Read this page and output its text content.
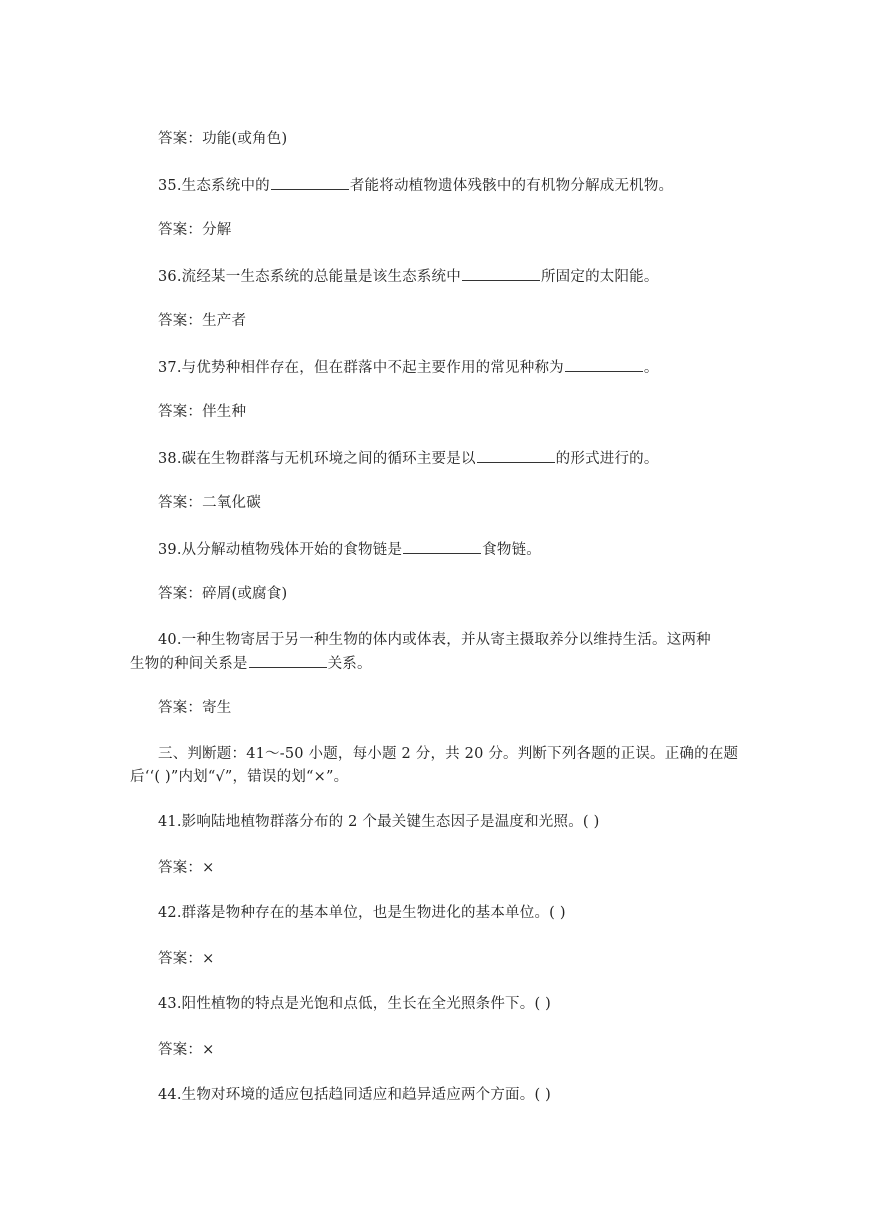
答案：功能(或角色)
35.生态系统中的	者能将动植物遗体残骸中的有机物分解成无机物。
答案：分解
36.流经某一生态系统的总能量是该生态系统中	所固定的太阳能。
答案：生产者
37.与优势种相伴存在，但在群落中不起主要作用的常见种称为	。
答案：伴生种
38.碳在生物群落与无机环境之间的循环主要是以	的形式进行的。
答案：二氧化碳
39.从分解动植物残体开始的食物链是	食物链。
答案：碎屑(或腐食)
40.一种生物寄居于另一种生物的体内或体表，并从寄主摄取养分以维持生活。这两种
生物的种间关系是	关系。
答案：寄生
三、判断题：41～-50 小题，每小题 2 分，共 20 分。判断下列各题的正误。正确的在题
后‘‘( )”内划“√”，错误的划“×”。
41.影响陆地植物群落分布的 2 个最关键生态因子是温度和光照。( )
答案：×
42.群落是物种存在的基本单位，也是生物进化的基本单位。( )
答案：×
43.阳性植物的特点是光饱和点低，生长在全光照条件下。( )
答案：×
44.生物对环境的适应包括趋同适应和趋异适应两个方面。( )
